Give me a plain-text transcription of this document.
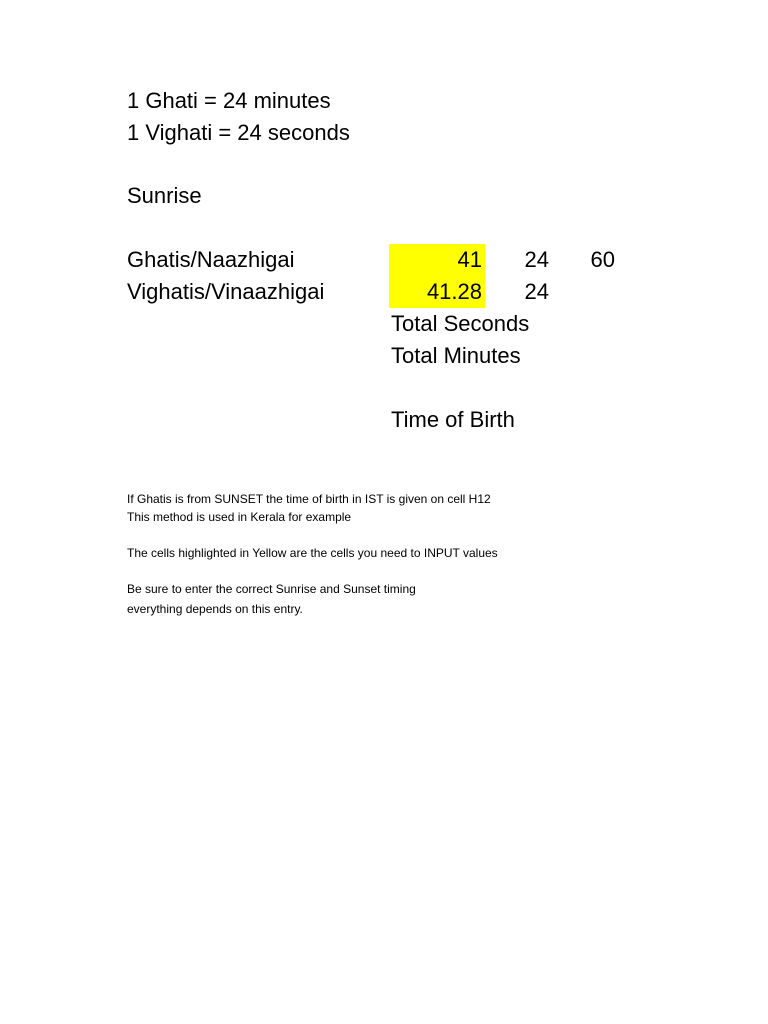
1 Ghati = 24 minutes
1 Vighati = 24 seconds
Sunrise
Ghatis/Naazhigai	41	24	60
Vighatis/Vinaazhigai	41.28	24
Total Seconds
Total Minutes
Time of Birth
If Ghatis is from SUNSET the time of birth in IST is given on cell H12
This method is used in Kerala for example
The cells highlighted in Yellow are the cells you need to INPUT values
Be sure to enter the correct Sunrise and Sunset timing
everything depends on this entry.
